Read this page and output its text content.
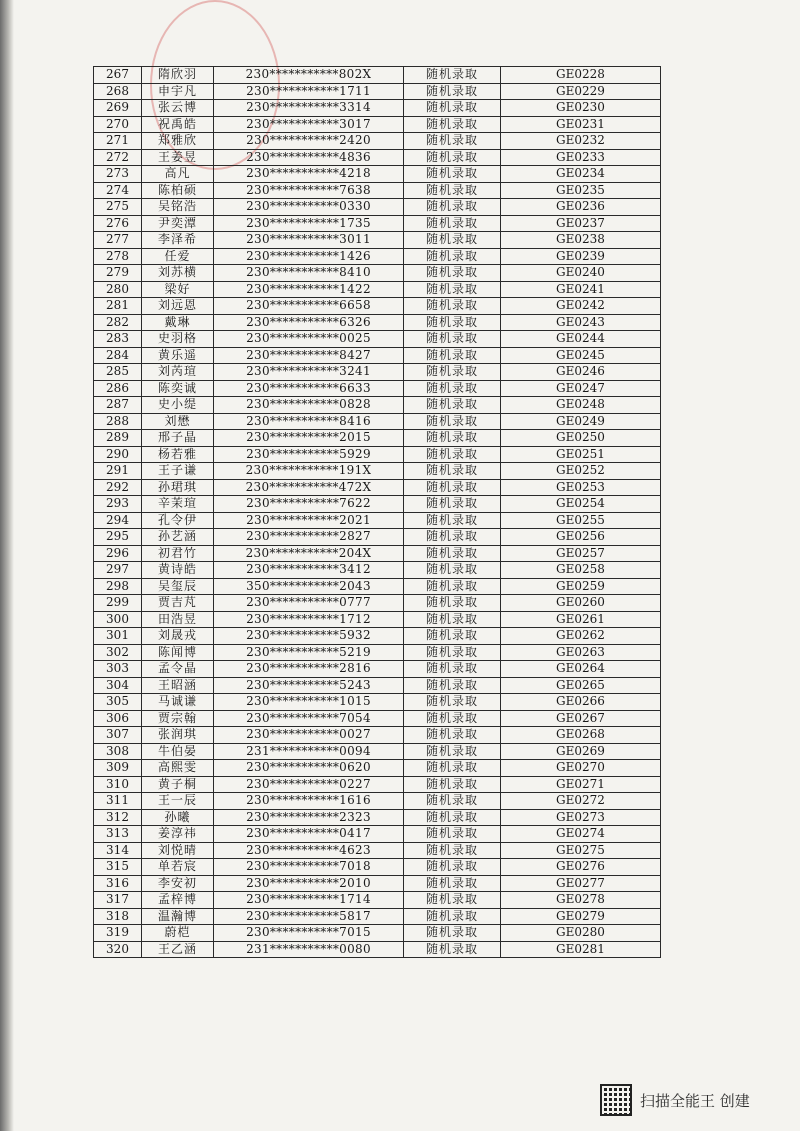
267	隋欣羽	230***********802X	随机录取	GE0228
268	申宇凡	230***********1711	随机录取	GE0229
269	张云博	230***********3314	随机录取	GE0230
270	祝禹皓	230***********3017	随机录取	GE0231
271	郑雅欣	230***********2420	随机录取	GE0232
272	王姜昱	230***********4836	随机录取	GE0233
273	高凡	230***********4218	随机录取	GE0234
274	陈柏硕	230***********7638	随机录取	GE0235
275	吴铭浩	230***********0330	随机录取	GE0236
276	尹奕潭	230***********1735	随机录取	GE0237
277	李泽希	230***********3011	随机录取	GE0238
278	任爱	230***********1426	随机录取	GE0239
279	刘苏横	230***********8410	随机录取	GE0240
280	梁好	230***********1422	随机录取	GE0241
281	刘远恩	230***********6658	随机录取	GE0242
282	戴琳	230***********6326	随机录取	GE0243
283	史羽格	230***********0025	随机录取	GE0244
284	黄乐遥	230***********8427	随机录取	GE0245
285	刘芮瑄	230***********3241	随机录取	GE0246
286	陈奕诚	230***********6633	随机录取	GE0247
287	史小缇	230***********0828	随机录取	GE0248
288	刘懋	230***********8416	随机录取	GE0249
289	邢子晶	230***********2015	随机录取	GE0250
290	杨若雅	230***********5929	随机录取	GE0251
291	王子谦	230***********191X	随机录取	GE0252
292	孙珺琪	230***********472X	随机录取	GE0253
293	辛茉瑄	230***********7622	随机录取	GE0254
294	孔令伊	230***********2021	随机录取	GE0255
295	孙艺涵	230***********2827	随机录取	GE0256
296	初君竹	230***********204X	随机录取	GE0257
297	黄诗皓	230***********3412	随机录取	GE0258
298	吴玺辰	350***********2043	随机录取	GE0259
299	贾吉芃	230***********0777	随机录取	GE0260
300	田浩昱	230***********1712	随机录取	GE0261
301	刘晟戎	230***********5932	随机录取	GE0262
302	陈闻博	230***********5219	随机录取	GE0263
303	孟令晶	230***********2816	随机录取	GE0264
304	王昭涵	230***********5243	随机录取	GE0265
305	马诚谦	230***********1015	随机录取	GE0266
306	贾宗翰	230***********7054	随机录取	GE0267
307	张润琪	230***********0027	随机录取	GE0268
308	牛伯晏	231***********0094	随机录取	GE0269
309	高熙雯	230***********0620	随机录取	GE0270
310	黄子桐	230***********0227	随机录取	GE0271
311	王一辰	230***********1616	随机录取	GE0272
312	孙曦	230***********2323	随机录取	GE0273
313	姜淳祎	230***********0417	随机录取	GE0274
314	刘悦晴	230***********4623	随机录取	GE0275
315	单若宸	230***********7018	随机录取	GE0276
316	李安初	230***********2010	随机录取	GE0277
317	孟梓博	230***********1714	随机录取	GE0278
318	温瀚博	230***********5817	随机录取	GE0279
319	蔚桤	230***********7015	随机录取	GE0280
320	王乙涵	231***********0080	随机录取	GE0281
扫描全能王 创建
